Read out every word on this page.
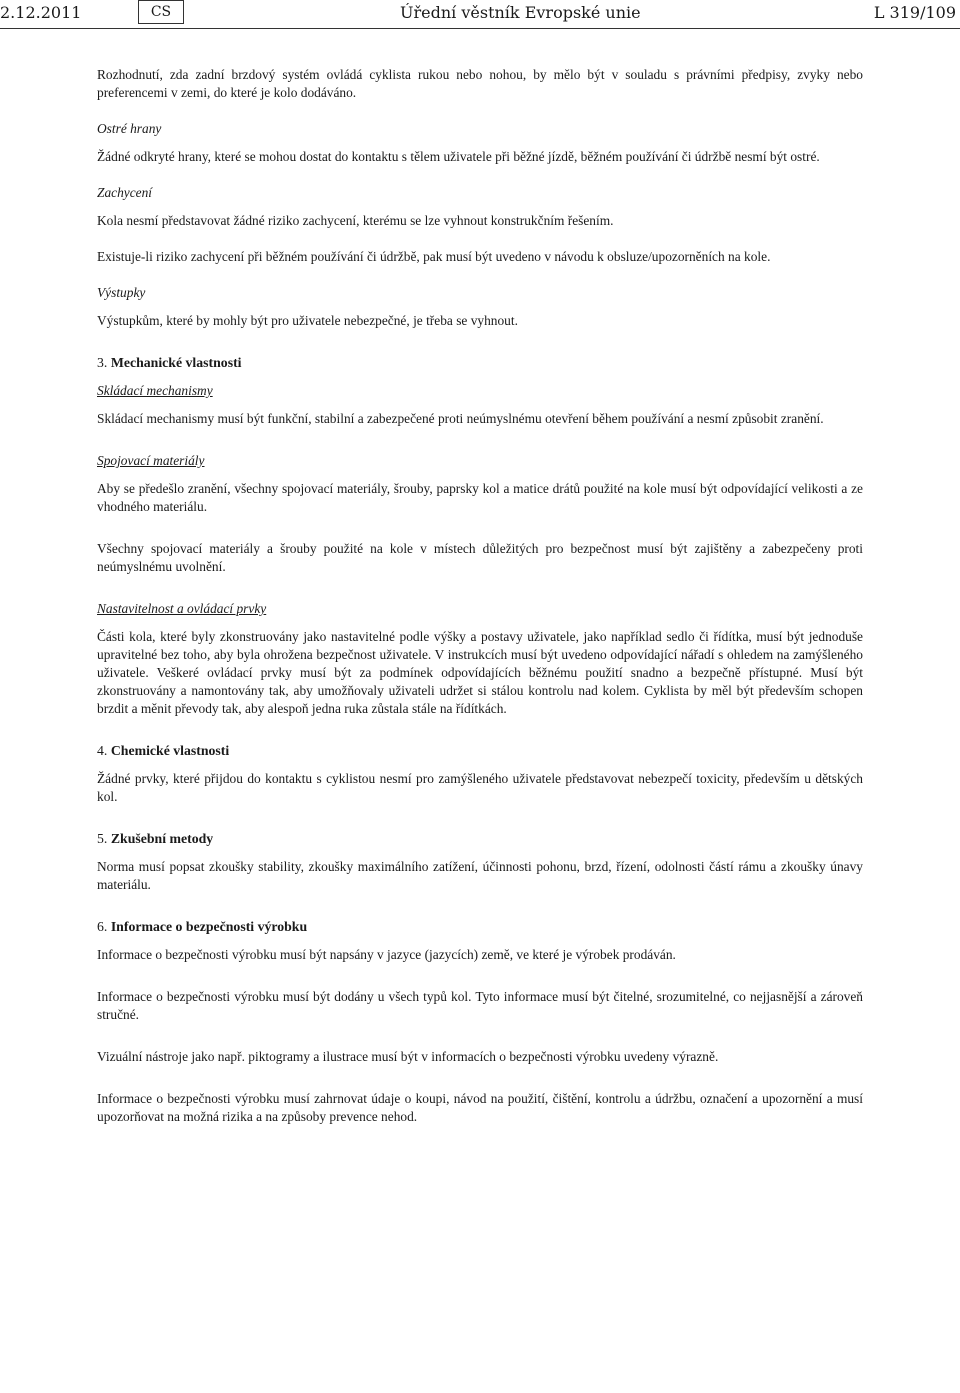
2.12.2011	CS	Úřední věstník Evropské unie	L 319/109

Rozhodnutí, zda zadní brzdový systém ovládá cyklista rukou nebo nohou, by mělo být v souladu s právními předpisy, zvyky nebo preferencemi v zemi, do které je kolo dodáváno.

Ostré hrany

Žádné odkryté hrany, které se mohou dostat do kontaktu s tělem uživatele při běžné jízdě, běžném používání či údržbě nesmí být ostré.

Zachycení

Kola nesmí představovat žádné riziko zachycení, kterému se lze vyhnout konstrukčním řešením.

Existuje-li riziko zachycení při běžném používání či údržbě, pak musí být uvedeno v návodu k obsluze/upozorněních na kole.

Výstupky

Výstupkům, které by mohly být pro uživatele nebezpečné, je třeba se vyhnout.

3. Mechanické vlastnosti

Skládací mechanismy

Skládací mechanismy musí být funkční, stabilní a zabezpečené proti neúmyslnému otevření během používání a nesmí způsobit zranění.

Spojovací materiály

Aby se předešlo zranění, všechny spojovací materiály, šrouby, paprsky kol a matice drátů použité na kole musí být odpovídající velikosti a ze vhodného materiálu.

Všechny spojovací materiály a šrouby použité na kole v místech důležitých pro bezpečnost musí být zajištěny a zabezpečeny proti neúmyslnému uvolnění.

Nastavitelnost a ovládací prvky

Části kola, které byly zkonstruovány jako nastavitelné podle výšky a postavy uživatele, jako například sedlo či řídítka, musí být jednoduše upravitelné bez toho, aby byla ohrožena bezpečnost uživatele. V instrukcích musí být uvedeno odpovídající nářadí s ohledem na zamýšleného uživatele. Veškeré ovládací prvky musí být za podmínek odpovídajících běžnému použití snadno a bezpečně přístupné. Musí být zkonstruovány a namontovány tak, aby umožňovaly uživateli udržet si stálou kontrolu nad kolem. Cyklista by měl být především schopen brzdit a měnit převody tak, aby alespoň jedna ruka zůstala stále na řídítkách.

4. Chemické vlastnosti

Žádné prvky, které přijdou do kontaktu s cyklistou nesmí pro zamýšleného uživatele představovat nebezpečí toxicity, především u dětských kol.

5. Zkušební metody

Norma musí popsat zkoušky stability, zkoušky maximálního zatížení, účinnosti pohonu, brzd, řízení, odolnosti částí rámu a zkoušky únavy materiálu.

6. Informace o bezpečnosti výrobku

Informace o bezpečnosti výrobku musí být napsány v jazyce (jazycích) země, ve které je výrobek prodáván.

Informace o bezpečnosti výrobku musí být dodány u všech typů kol. Tyto informace musí být čitelné, srozumitelné, co nejjasnější a zároveň stručné.

Vizuální nástroje jako např. piktogramy a ilustrace musí být v informacích o bezpečnosti výrobku uvedeny výrazně.

Informace o bezpečnosti výrobku musí zahrnovat údaje o koupi, návod na použití, čištění, kontrolu a údržbu, označení a upozornění a musí upozorňovat na možná rizika a na způsoby prevence nehod.
